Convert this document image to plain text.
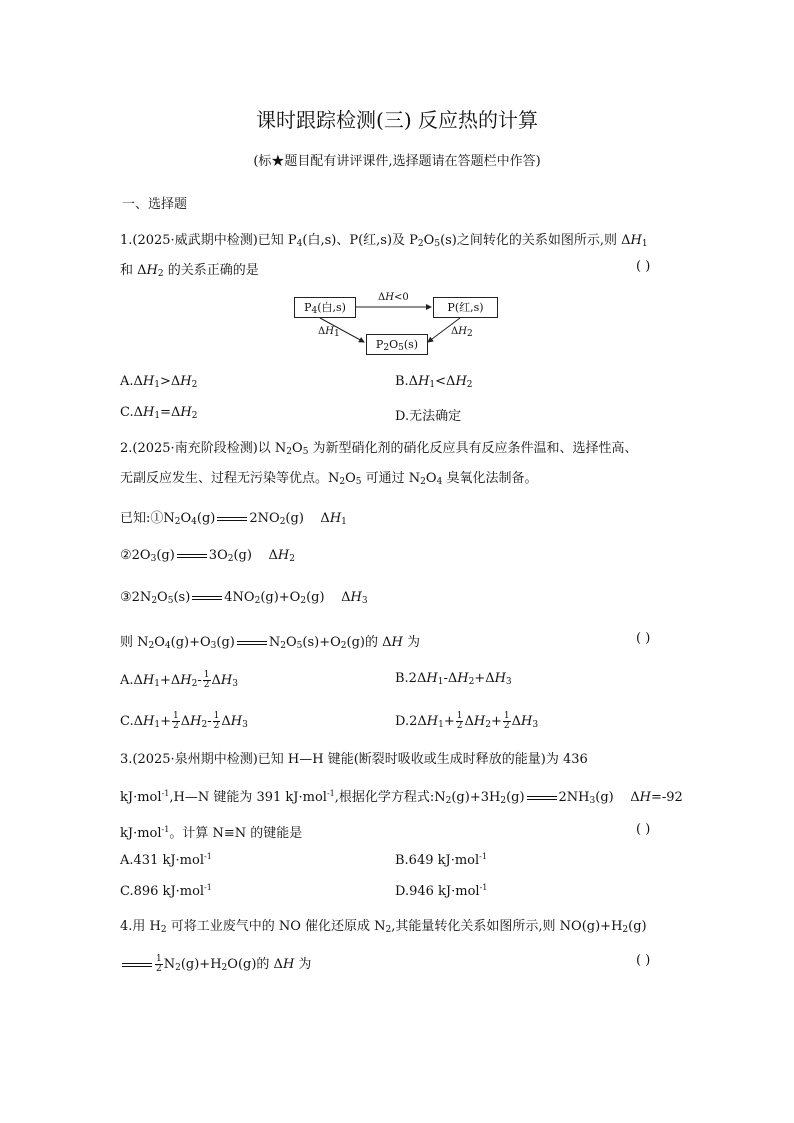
课时跟踪检测(三) 反应热的计算
(标★题目配有讲评课件,选择题请在答题栏中作答)
一、选择题
1.(2025·威武期中检测)已知 $P_4$(白,s)、P(红,s)及 $P_2O_5(s)$之间转化的关系如图所示,则 $\Delta H_1$
和 $\Delta H_2$ 的关系正确的是	( )
$P_4$(白,s)	P(红,s)
$P_2O_5(s)$
ΔH<0
$\Delta H_1$	$\Delta H_2$
$A.\Delta H_1>\Delta H_2$	$B.\Delta H_1<\Delta H_2$
$C.\Delta H_1=\Delta H_2$	D.无法确定
2.(2025·南充阶段检测)以 $N_2O_5$ 为新型硝化剂的硝化反应具有反应条件温和、选择性高、
无副反应发生、过程无污染等优点。$N_2O_5$ 可通过 $N_2O_4$ 臭氧化法制备。
已知$:①N_2O_4(g)$	$2NO_2(g)$    $\Delta H_1$
$②2O_3(g)$	$3O_2(g)$    $\Delta H_2$
$③2N_2O_5(s)$	$4NO_2(g)+O_2(g)$    $\Delta H_3$
则 $N_2O_4(g)+O_3(g)$	$N_2O_5(s)+O_2(g)$的 ΔH 为	( )
$A.\Delta H_1+\Delta H_2- \frac{1}{2} \Delta H_3$	$B.2\Delta H_1-\Delta H_2+\Delta H_3$
$C.\Delta H_1+ \frac{1}{2} \Delta H_2- \frac{1}{2} \Delta H_3$	$D.2\Delta H_1+ \frac{1}{2} \Delta H_2+ \frac{1}{2} \Delta H_3$
3.(2025·泉州期中检测)已知 H—H 键能(断裂时吸收或生成时释放的能量)为 436
kJ·mol$^{-1}$,H—N 键能为 391 kJ·mol$^{-1}$,根据化学方程式$:N_2(g)+3H_2(g)$	$2NH_3(g)$    ΔH=-92
kJ·mol$^{-1}$。计算 N≡N 的键能是	( )
A.431 kJ·mol$^{-1}$	B.649 kJ·mol$^{-1}$
C.896 kJ·mol$^{-1}$	D.946 kJ·mol$^{-1}$
4.用 $H_2$ 可将工业废气中的 NO 催化还原成 $N_2$,其能量转化关系如图所示,则 $NO(g)+H_2(g)$
$\frac{1}{2} N_2(g)+H_2O(g)$的 ΔH 为	( )
